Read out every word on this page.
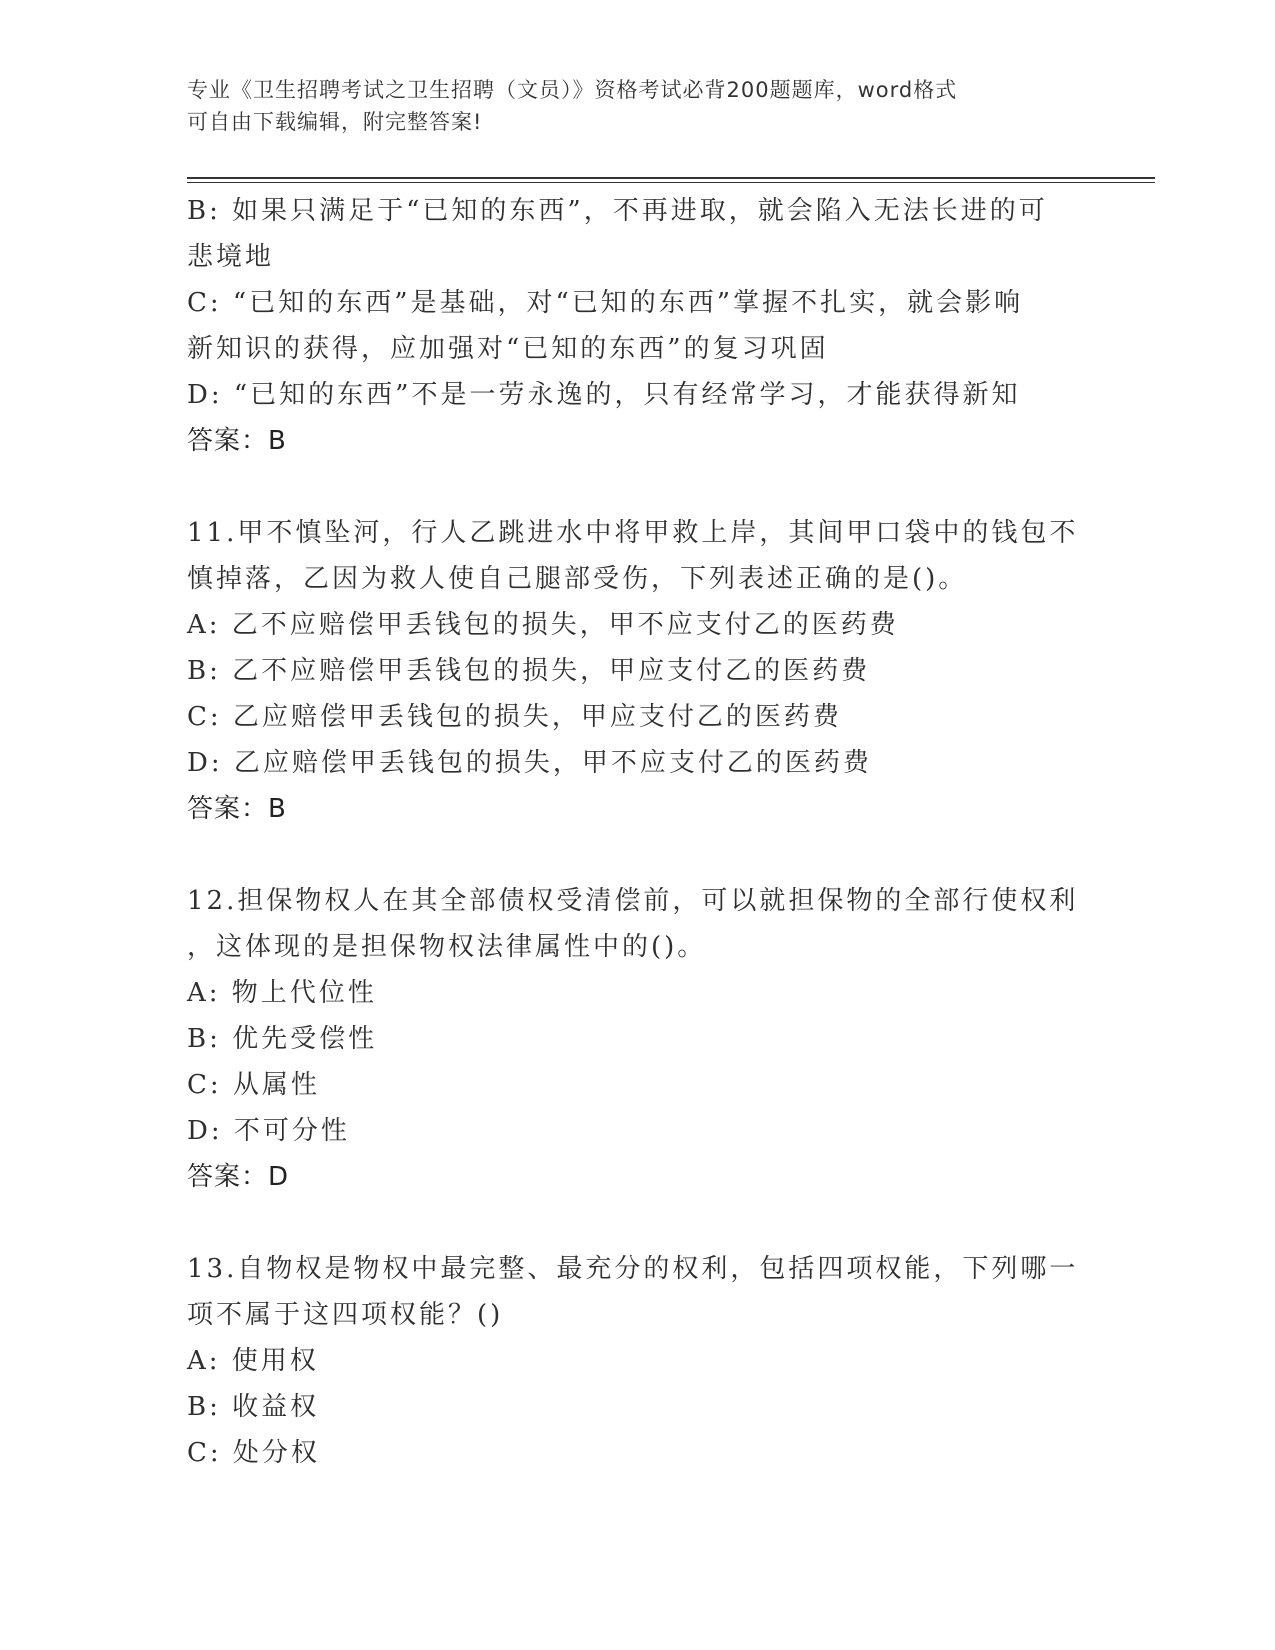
专业《卫生招聘考试之卫生招聘（文员）》资格考试必背200题题库，word格式
可自由下载编辑，附完整答案!
B: 如果只满足于“已知的东西”，不再进取，就会陷入无法长进的可
悲境地
C: “已知的东西”是基础，对“已知的东西”掌握不扎实，就会影响
新知识的获得，应加强对“已知的东西”的复习巩固
D: “已知的东西”不是一劳永逸的，只有经常学习，才能获得新知
答案：B
11.甲不慎坠河，行人乙跳进水中将甲救上岸，其间甲口袋中的钱包不
慎掉落，乙因为救人使自己腿部受伤，下列表述正确的是()。
A: 乙不应赔偿甲丢钱包的损失，甲不应支付乙的医药费
B: 乙不应赔偿甲丢钱包的损失，甲应支付乙的医药费
C: 乙应赔偿甲丢钱包的损失，甲应支付乙的医药费
D: 乙应赔偿甲丢钱包的损失，甲不应支付乙的医药费
答案：B
12.担保物权人在其全部债权受清偿前，可以就担保物的全部行使权利
，这体现的是担保物权法律属性中的()。
A: 物上代位性
B: 优先受偿性
C: 从属性
D: 不可分性
答案：D
13.自物权是物权中最完整、最充分的权利，包括四项权能，下列哪一
项不属于这四项权能？()
A: 使用权
B: 收益权
C: 处分权
